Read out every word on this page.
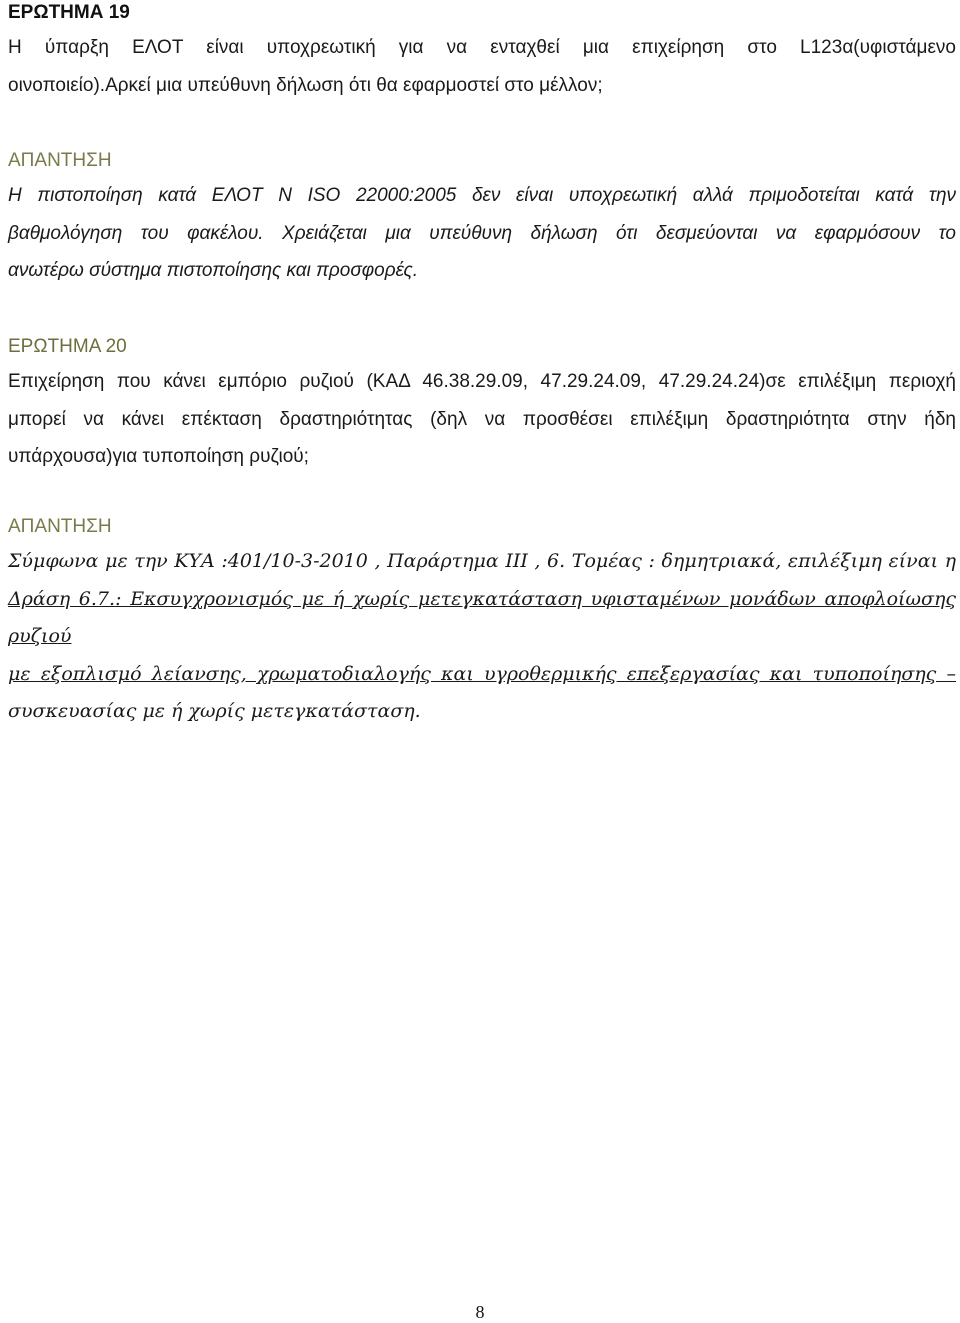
ΕΡΩΤΗΜΑ 19
Η ύπαρξη ΕΛΟΤ είναι υποχρεωτική για να ενταχθεί μια επιχείρηση στο L123α(υφιστάμενο
οινοποιείο).Αρκεί μια υπεύθυνη δήλωση ότι θα εφαρμοστεί στο μέλλον;
ΑΠΑΝΤΗΣΗ
Η πιστοποίηση κατά ΕΛΟΤ Ν ISO 22000:2005 δεν είναι υποχρεωτική αλλά πριμοδοτείται κατά την
βαθμολόγηση του φακέλου. Χρειάζεται μια υπεύθυνη δήλωση ότι δεσμεύονται να εφαρμόσουν το
ανωτέρω σύστημα πιστοποίησης και προσφορές.
ΕΡΩΤΗΜΑ 20
Επιχείρηση που κάνει εμπόριο ρυζιού (ΚΑΔ 46.38.29.09, 47.29.24.09, 47.29.24.24)σε επιλέξιμη περιοχή
μπορεί να κάνει επέκταση δραστηριότητας (δηλ να προσθέσει επιλέξιμη δραστηριότητα στην ήδη
υπάρχουσα)για τυποποίηση ρυζιού;
ΑΠΑΝΤΗΣΗ
Σύμφωνα με την ΚΥΑ :401/10-3-2010 , Παράρτημα ΙΙΙ , 6. Τομέας : δημητριακά, επιλέξιμη είναι η
Δράση 6.7.: Εκσυγχρονισμός με ή χωρίς μετεγκατάσταση υφισταμένων μονάδων αποφλοίωσης ρυζιού
με εξοπλισμό λείανσης, χρωματοδιαλογής και υγροθερμικής επεξεργασίας και τυποποίησης –
συσκευασίας με ή χωρίς μετεγκατάσταση.
8
